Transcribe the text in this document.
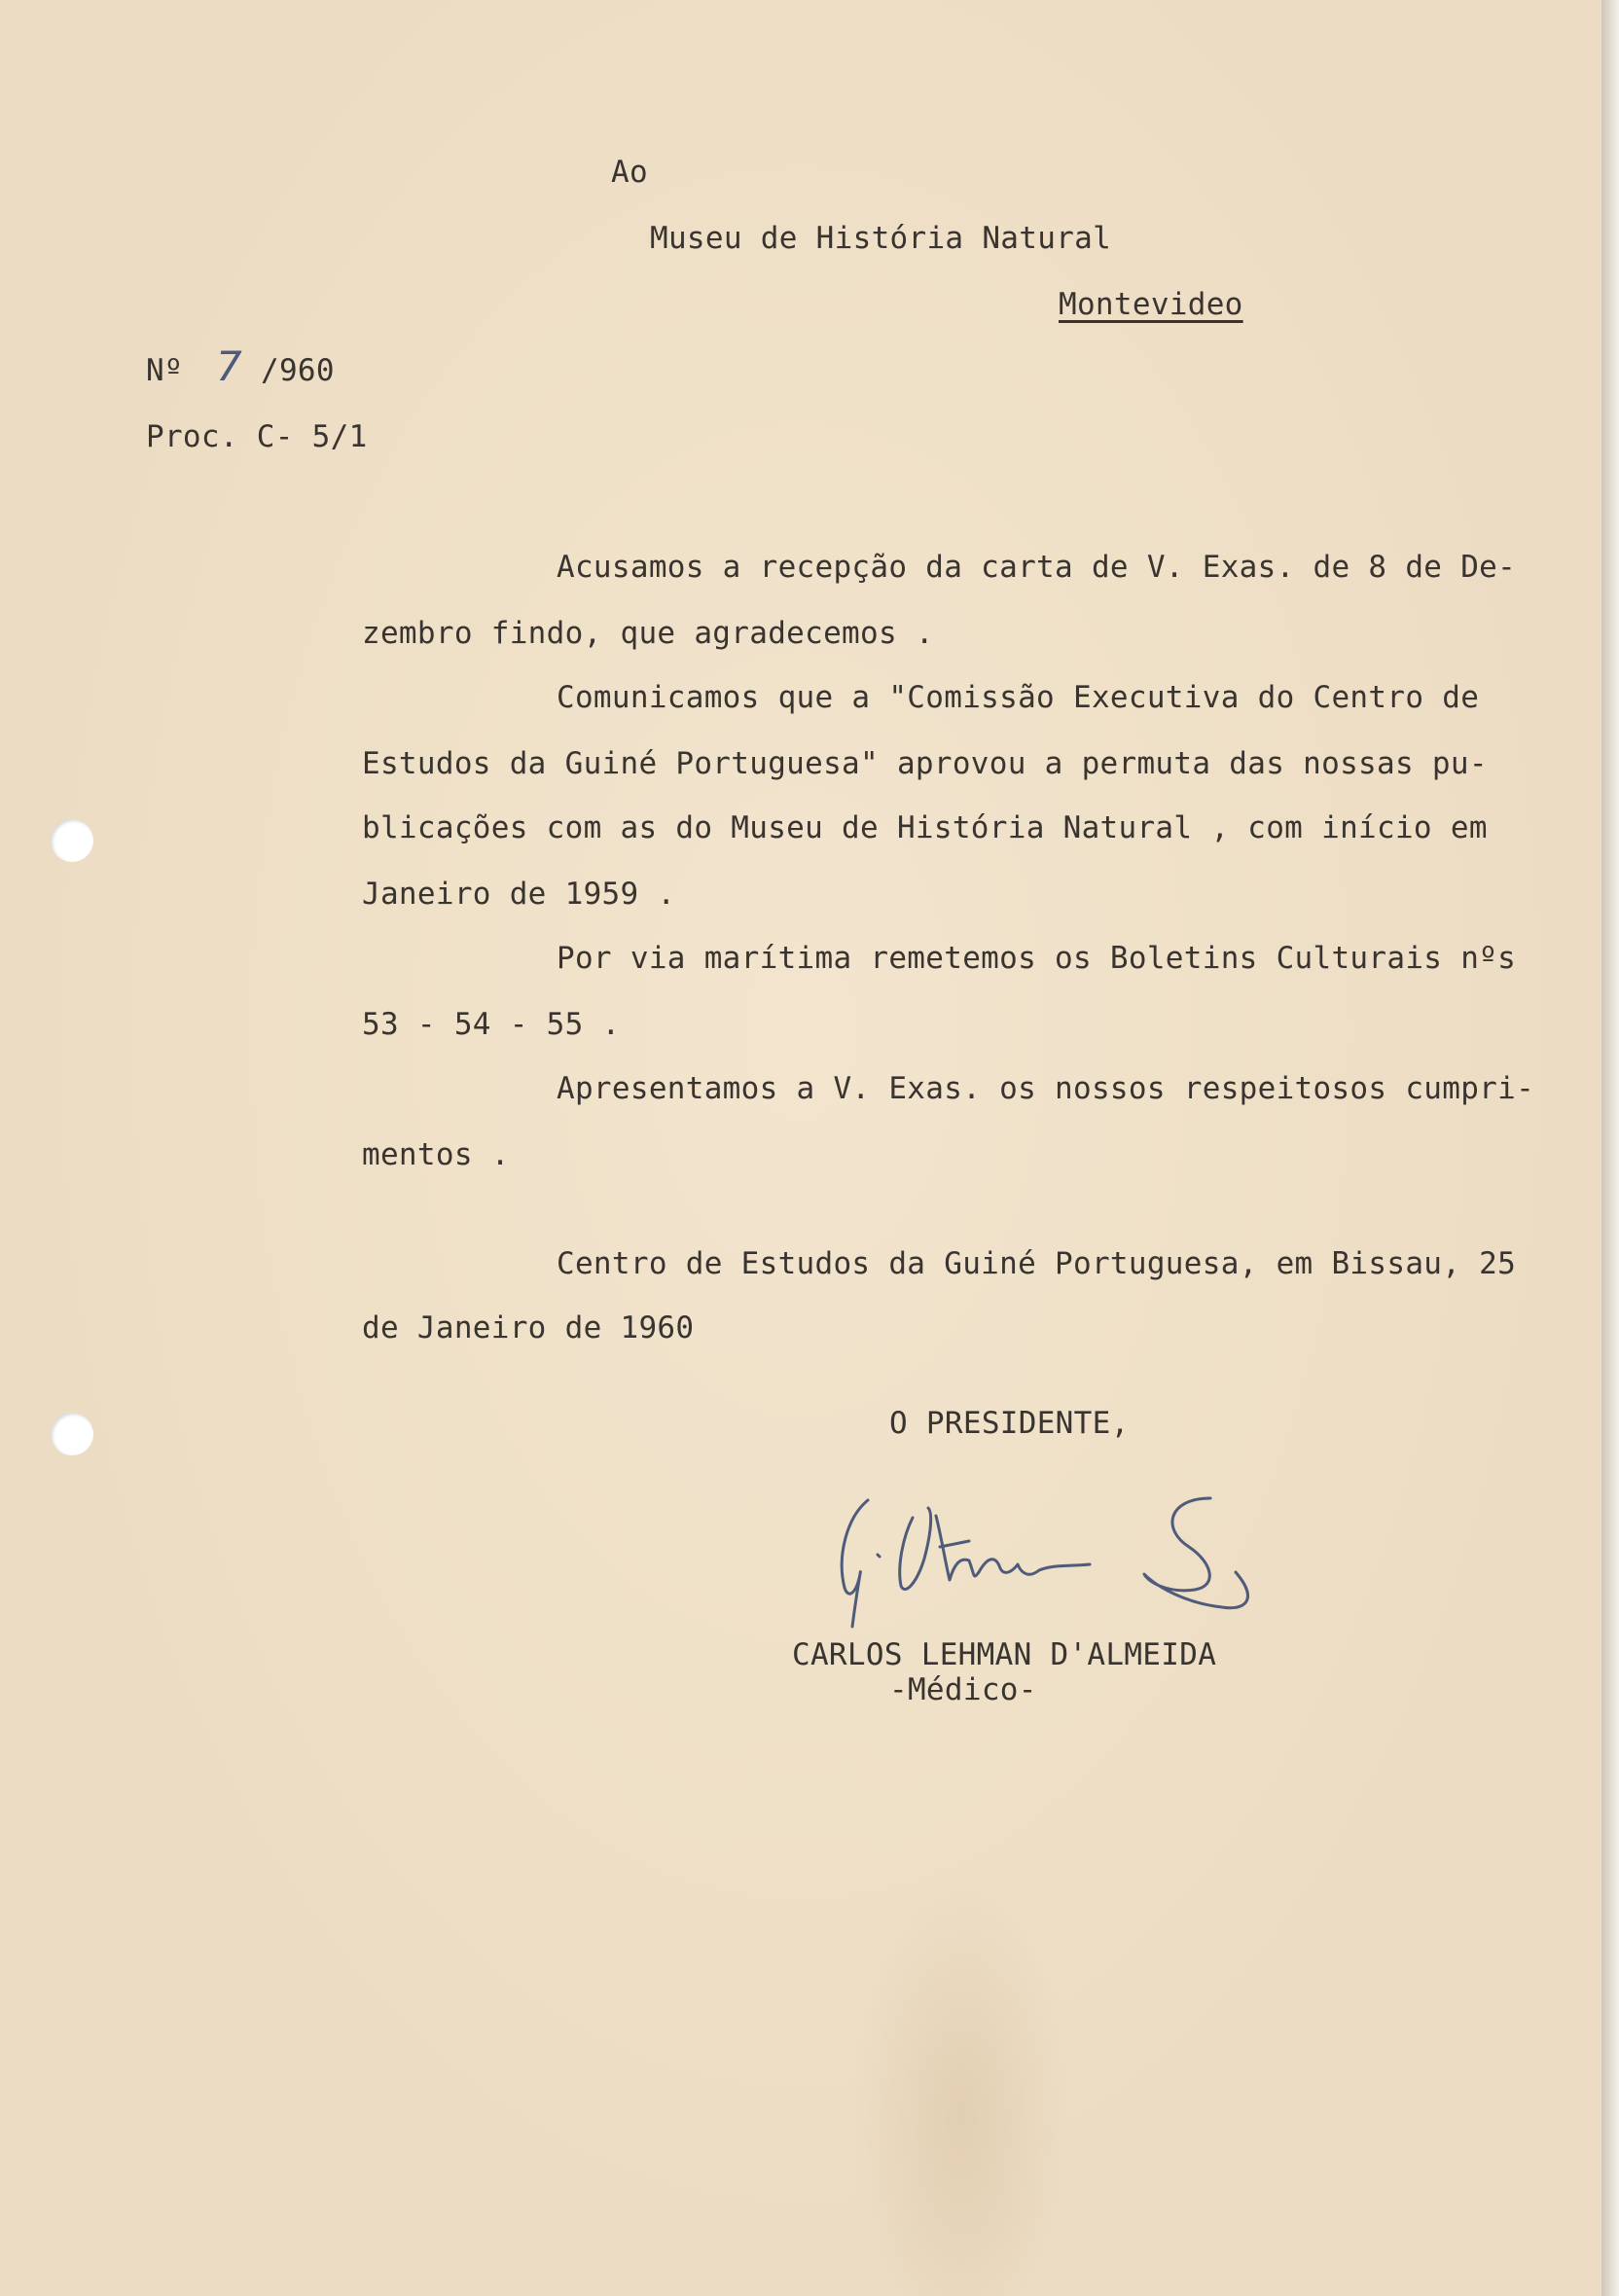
Ao
Museu de História Natural
Montevideo
Nº 7 /960
Proc. C- 5/1
Acusamos a recepção da carta de V. Exas. de 8 de De-
zembro findo, que agradecemos .
Comunicamos que a "Comissão Executiva do Centro de
Estudos da Guiné Portuguesa" aprovou a permuta das nossas pu-
blicações com as do Museu de História Natural , com início em
Janeiro de 1959 .
Por via marítima remetemos os Boletins Culturais nºs
53 - 54 - 55 .
Apresentamos a V. Exas. os nossos respeitosos cumpri-
mentos .
Centro de Estudos da Guiné Portuguesa, em Bissau, 25
de Janeiro de 1960
O PRESIDENTE,
CARLOS LEHMAN D'ALMEIDA
-Médico-
